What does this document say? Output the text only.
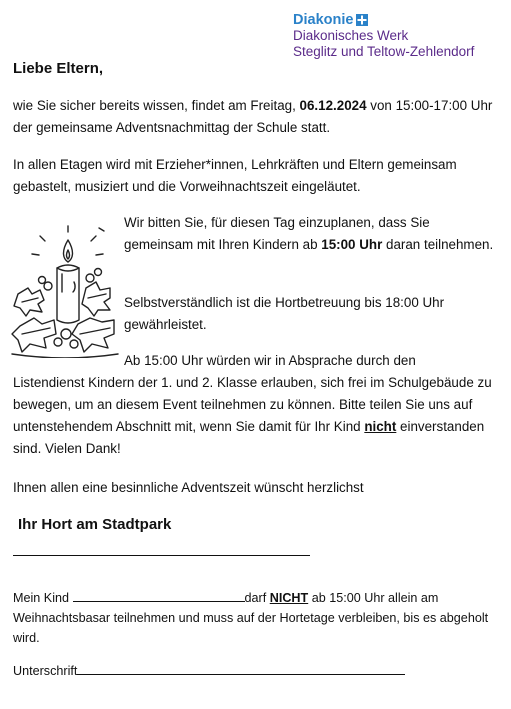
Diakonie
Diakonisches Werk
Steglitz und Teltow-Zehlendorf
Liebe Eltern,
wie Sie sicher bereits wissen, findet am Freitag, 06.12.2024 von 15:00-17:00 Uhr der gemeinsame Adventsnachmittag der Schule statt.
In allen Etagen wird mit Erzieher*innen, Lehrkräften und Eltern gemeinsam gebastelt, musiziert und die Vorweihnachtszeit eingeläutet.
Wir bitten Sie, für diesen Tag einzuplanen, dass Sie gemeinsam mit Ihren Kindern ab 15:00 Uhr daran teilnehmen.
Selbstverständlich ist die Hortbetreuung bis 18:00 Uhr gewährleistet.
Ab 15:00 Uhr würden wir in Absprache durch den
Listendienst Kindern der 1. und 2. Klasse erlauben, sich frei im Schulgebäude zu bewegen, um an diesem Event teilnehmen zu können. Bitte teilen Sie uns auf untenstehendem Abschnitt mit, wenn Sie damit für Ihr Kind nicht einverstanden sind. Vielen Dank!
Ihnen allen eine besinnliche Adventszeit wünscht herzlichst
Ihr Hort am Stadtpark
Mein Kind	darf NICHT ab 15:00 Uhr allein am Weihnachtsbasar teilnehmen und muss auf der Hortetage verbleiben, bis es abgeholt wird.
Unterschrift
